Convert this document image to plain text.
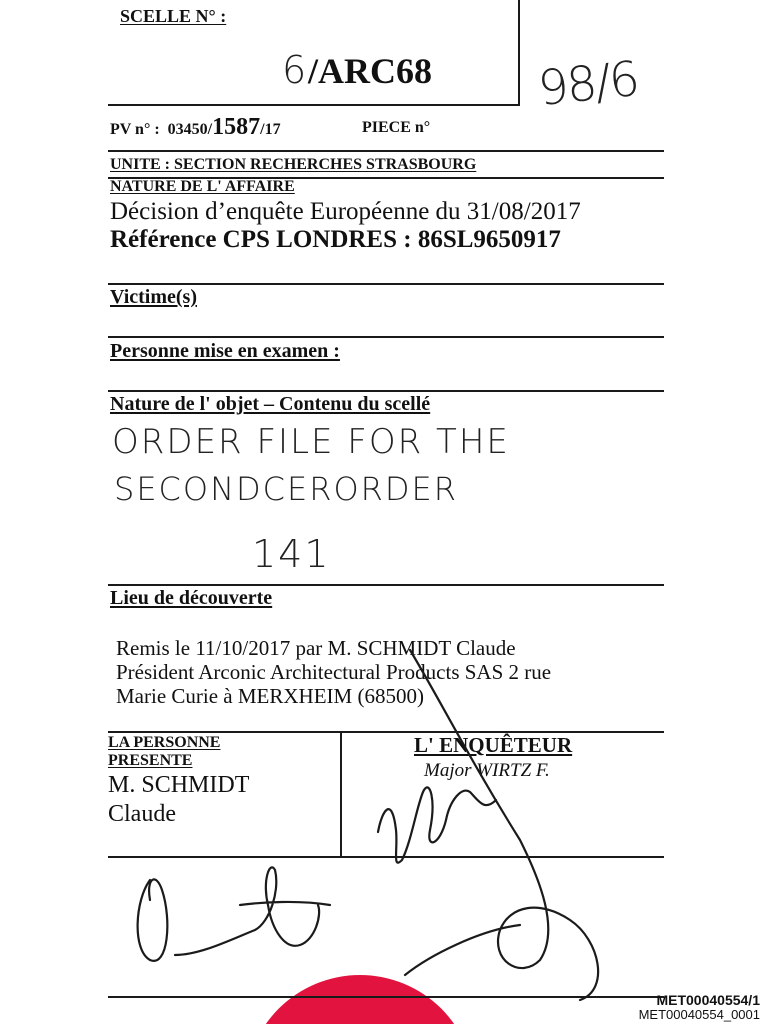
SCELLE N° :
6 /ARC68 98/6
PV n° : 03450/1587/17	PIECE n°
UNITE : SECTION RECHERCHES STRASBOURG
NATURE DE L' AFFAIRE
Décision d’enquête Européenne du 31/08/2017
Référence CPS LONDRES : 86SL9650917
Victime(s)
Personne mise en examen :
Nature de l' objet – Contenu du scellé
ORDER FILE FOR THE
SECONDCERORDER
141
Lieu de découverte
Remis le 11/10/2017 par M. SCHMIDT Claude
Président Arconic Architectural Products SAS 2 rue
Marie Curie à MERXHEIM (68500)
LA PERSONNE
PRESENTE
M. SCHMIDT
Claude
L' ENQUÊTEUR
Major WIRTZ F.
MET00040554/1
MET00040554_0001
